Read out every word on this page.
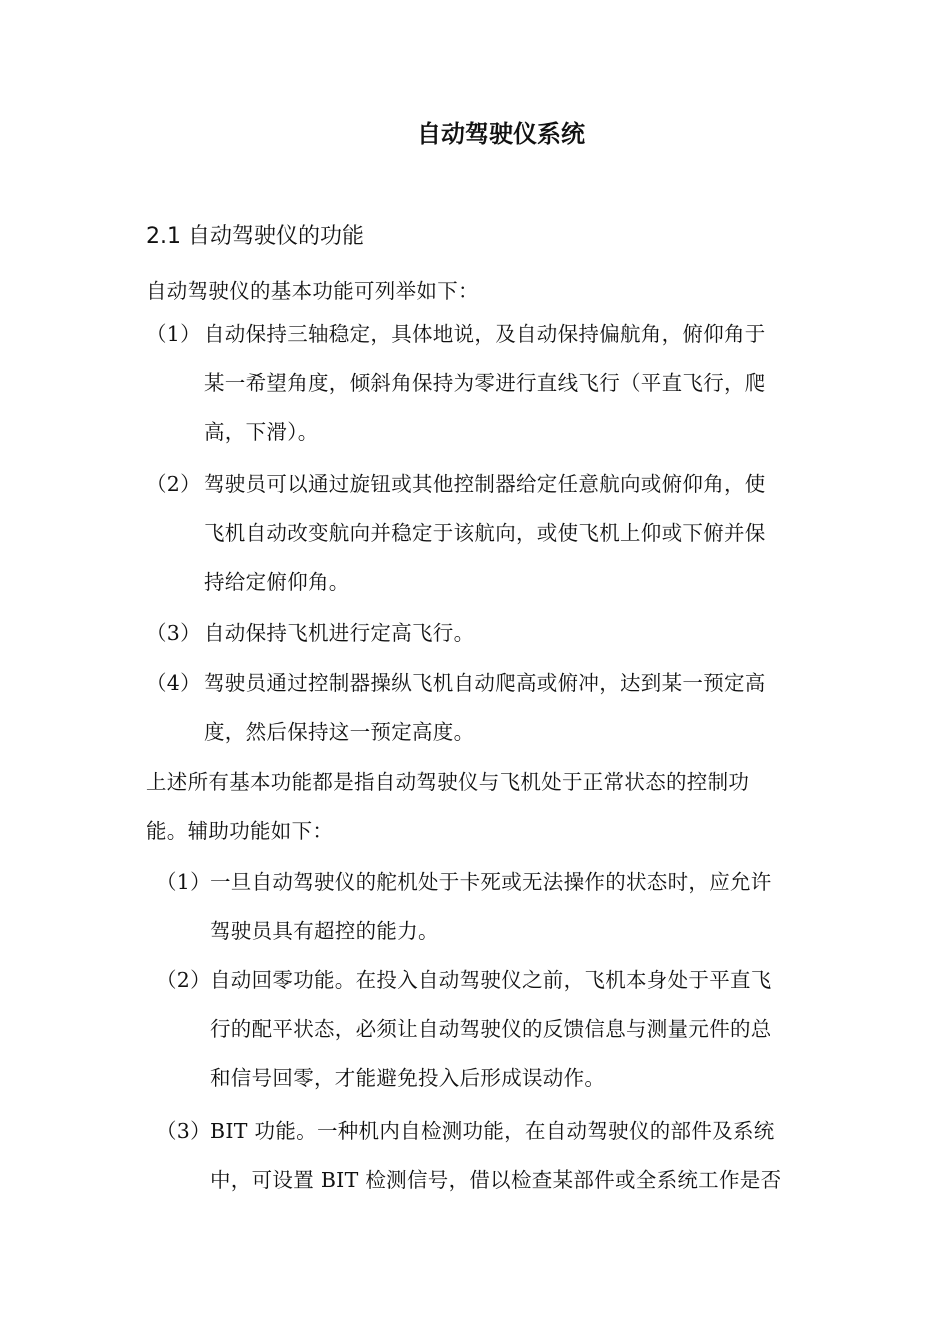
自动驾驶仪系统
2.1 自动驾驶仪的功能

自动驾驶仪的基本功能可列举如下：

（1） 自动保持三轴稳定，具体地说，及自动保持偏航角，俯仰角于
某一希望角度，倾斜角保持为零进行直线飞行（平直飞行，爬
高，下滑）。
（2） 驾驶员可以通过旋钮或其他控制器给定任意航向或俯仰角，使
飞机自动改变航向并稳定于该航向，或使飞机上仰或下俯并保
持给定俯仰角。
（3） 自动保持飞机进行定高飞行。
（4） 驾驶员通过控制器操纵飞机自动爬高或俯冲，达到某一预定高
度，然后保持这一预定高度。
上述所有基本功能都是指自动驾驶仪与飞机处于正常状态的控制功
能。辅助功能如下：
（1） 一旦自动驾驶仪的舵机处于卡死或无法操作的状态时，应允许
驾驶员具有超控的能力。
（2） 自动回零功能。在投入自动驾驶仪之前，飞机本身处于平直飞
行的配平状态，必须让自动驾驶仪的反馈信息与测量元件的总
和信号回零，才能避免投入后形成误动作。
（3） BIT 功能。一种机内自检测功能，在自动驾驶仪的部件及系统
中，可设置 BIT 检测信号，借以检查某部件或全系统工作是否
